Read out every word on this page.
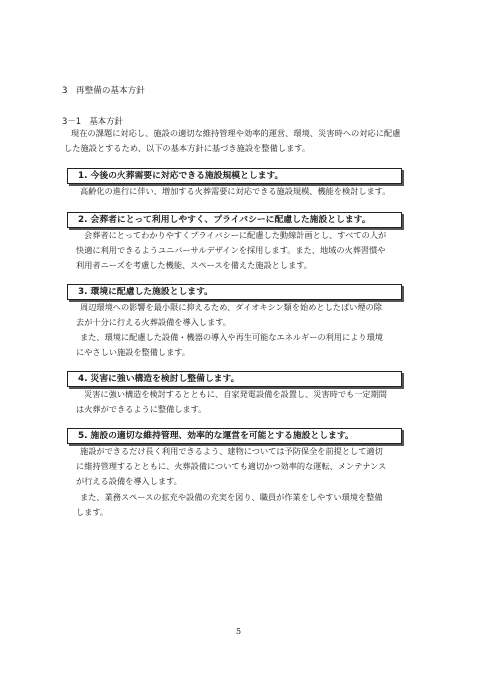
3　再整備の基本方針
3－1　基本方針
現在の課題に対応し、施設の適切な維持管理や効率的運営、環境、災害時への対応に配慮
した施設とするため、以下の基本方針に基づき施設を整備します。
1. 今後の火葬需要に対応できる施設規模とします。
高齢化の進行に伴い、増加する火葬需要に対応できる施設規模、機能を検討します。
2. 会葬者にとって利用しやすく、プライバシーに配慮した施設とします。
会葬者にとってわかりやすくプライバシーに配慮した動線計画とし、すべての人が
快適に利用できるようユニバーサルデザインを採用します。また、地域の火葬習慣や
利用者ニーズを考慮した機能、スペースを備えた施設とします。
3. 環境に配慮した施設とします。
周辺環境への影響を最小限に抑えるため、ダイオキシン類を始めとしたばい煙の除
去が十分に行える火葬設備を導入します。
また、環境に配慮した設備・機器の導入や再生可能なエネルギーの利用により環境
にやさしい施設を整備します。
4. 災害に強い構造を検討し整備します。
災害に強い構造を検討するとともに、自家発電設備を設置し、災害時でも一定期間
は火葬ができるように整備します。
5. 施設の適切な維持管理、効率的な運営を可能とする施設とします。
施設ができるだけ長く利用できるよう、建物については予防保全を前提として適切
に維持管理するとともに、火葬設備についても適切かつ効率的な運転、メンテナンス
が行える設備を導入します。
また、業務スペースの拡充や設備の充実を図り、職員が作業をしやすい環境を整備
します。
5
